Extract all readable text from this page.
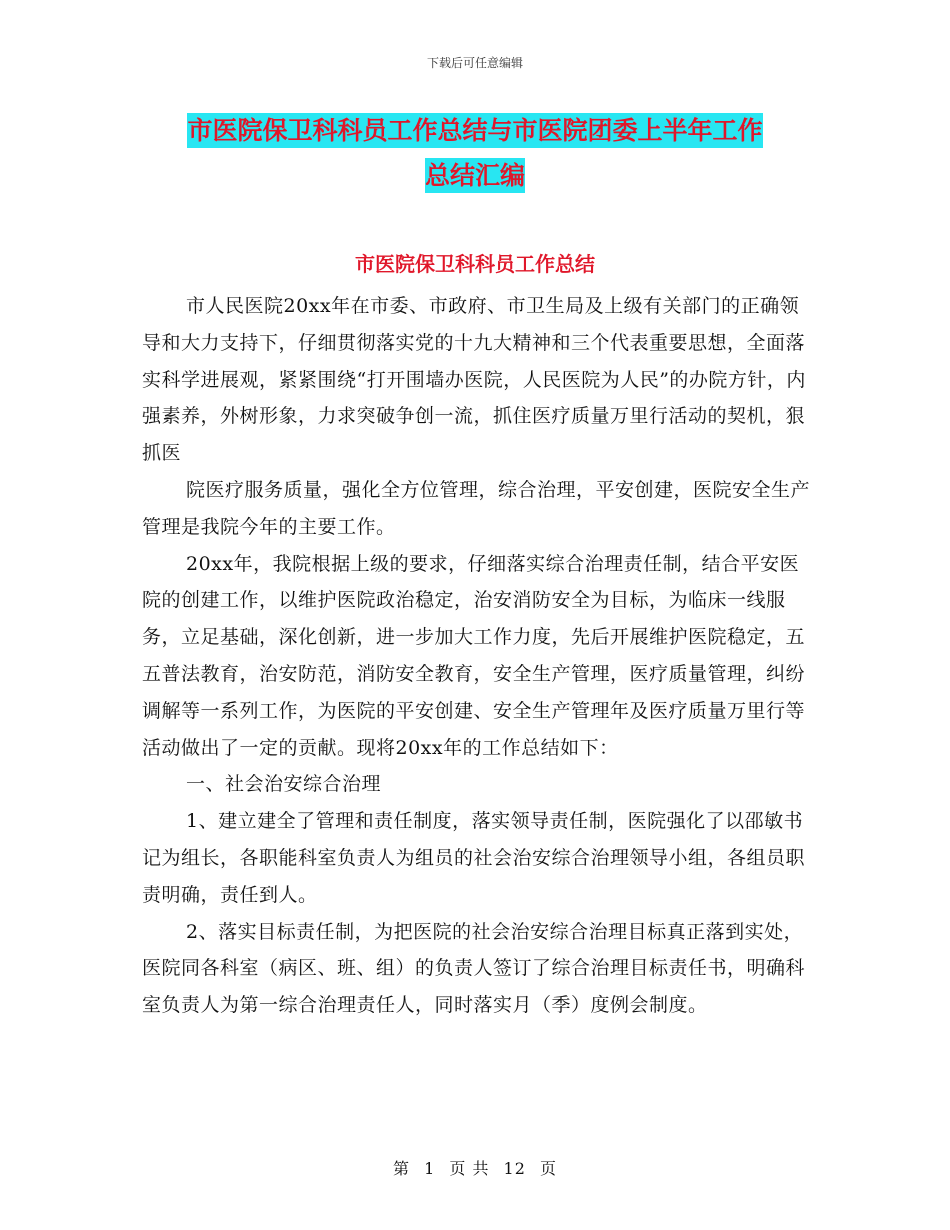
下载后可任意编辑
市医院保卫科科员工作总结与市医院团委上半年工作
总结汇编
市医院保卫科科员工作总结

市人民医院20xx年在市委、市政府、市卫生局及上级有关部门的正确领导和大力支持下，仔细贯彻落实党的十九大精神和三个代表重要思想，全面落实科学进展观，紧紧围绕“打开围墙办医院，人民医院为人民”的办院方针，内强素养，外树形象，力求突破争创一流，抓住医疗质量万里行活动的契机，狠抓医

院医疗服务质量，强化全方位管理，综合治理，平安创建，医院安全生产管理是我院今年的主要工作。

20xx年，我院根据上级的要求，仔细落实综合治理责任制，结合平安医院的创建工作，以维护医院政治稳定，治安消防安全为目标，为临床一线服务，立足基础，深化创新，进一步加大工作力度，先后开展维护医院稳定，五五普法教育，治安防范，消防安全教育，安全生产管理，医疗质量管理，纠纷调解等一系列工作，为医院的平安创建、安全生产管理年及医疗质量万里行等活动做出了一定的贡献。现将20xx年的工作总结如下：

一、社会治安综合治理

1、建立建全了管理和责任制度，落实领导责任制，医院强化了以邵敏书记为组长，各职能科室负责人为组员的社会治安综合治理领导小组，各组员职责明确，责任到人。

2、落实目标责任制，为把医院的社会治安综合治理目标真正落到实处，医院同各科室（病区、班、组）的负责人签订了综合治理目标责任书，明确科室负责人为第一综合治理责任人，同时落实月（季）度例会制度。

第 1 页 共 12 页
